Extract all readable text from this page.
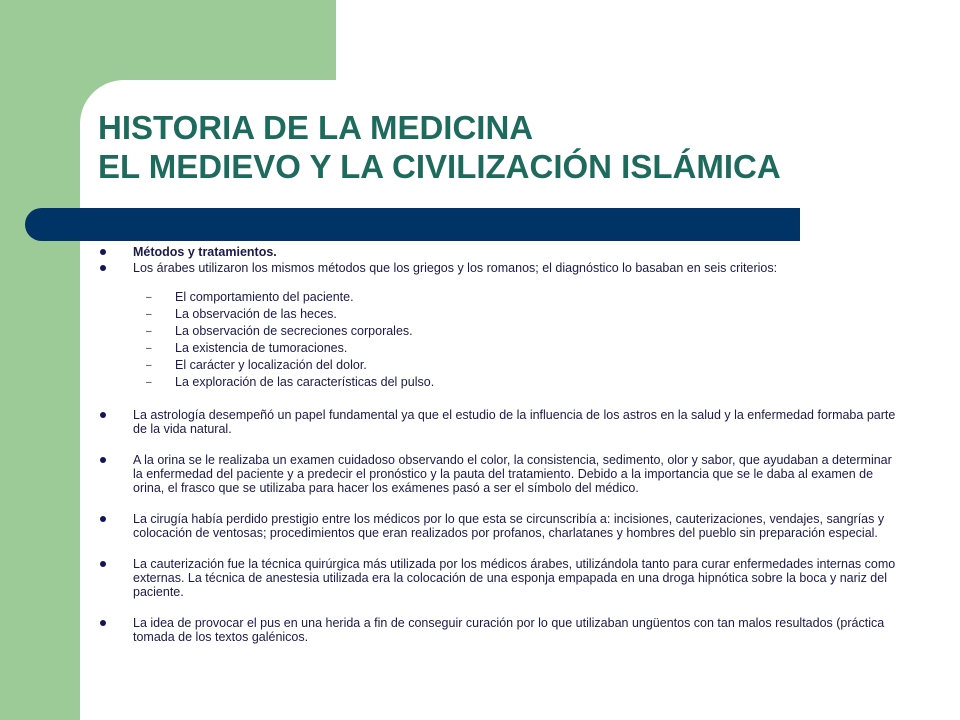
HISTORIA DE LA MEDICINA
EL MEDIEVO Y LA CIVILIZACIÓN ISLÁMICA
Métodos y tratamientos.
Los árabes utilizaron los mismos métodos que los griegos y los romanos; el diagnóstico lo basaban en seis criterios:
– El comportamiento del paciente.
– La observación de las heces.
– La observación de secreciones corporales.
– La existencia de tumoraciones.
– El carácter y localización del dolor.
– La exploración de las características del pulso.
La astrología desempeñó un papel fundamental ya que el estudio de la influencia de los astros en la salud y la enfermedad formaba parte de la vida natural.
A la orina se le realizaba un examen cuidadoso observando el color, la consistencia, sedimento, olor y sabor, que ayudaban a determinar la enfermedad del paciente y a predecir el pronóstico y la pauta del tratamiento. Debido a la importancia que se le daba al examen de orina, el frasco que se utilizaba para hacer los exámenes pasó a ser el símbolo del médico.
La cirugía había perdido prestigio entre los médicos por lo que esta se circunscribía a: incisiones, cauterizaciones, vendajes, sangrías y colocación de ventosas; procedimientos que eran realizados por profanos, charlatanes y hombres del pueblo sin preparación especial.
La cauterización fue la técnica quirúrgica más utilizada por los médicos árabes, utilizándola tanto para curar enfermedades internas como externas. La técnica de anestesia utilizada era la colocación de una esponja empapada en una droga hipnótica sobre la boca y nariz del paciente.
La idea de provocar el pus en una herida a fin de conseguir curación por lo que utilizaban ungüentos con tan malos resultados (práctica tomada de los textos galénicos.
